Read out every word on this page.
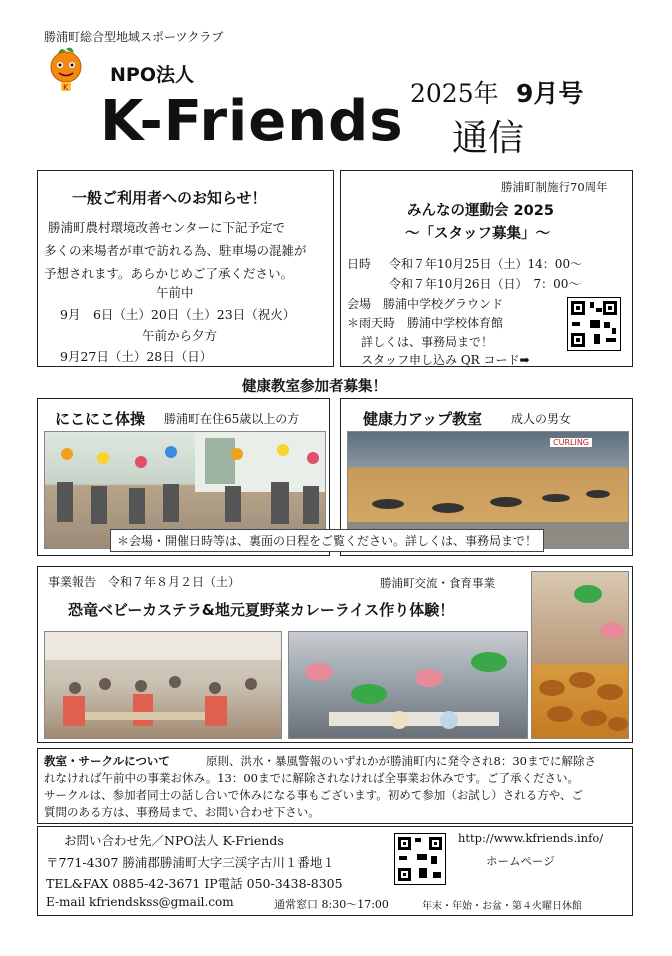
勝浦町総合型地域スポーツクラブ
K
NPO法人
K-Friends 通信
2025年 9月号
一般ご利用者へのお知らせ！
勝浦町農村環境改善センターに下記予定で
多くの来場者が車で訪れる為、駐車場の混雑が
予想されます。あらかじめご了承ください。
午前中
9月　6日（土）20日（土）23日（祝火）
午前から夕方
9月27日（土）28日（日）
勝浦町制施行70周年
みんなの運動会 2025
〜「スタッフ募集」〜
日時 令和７年10月25日（土）14：00〜
令和７年10月26日（日）　7：00〜
会場　勝浦中学校グラウンド
＊雨天時　勝浦中学校体育館
詳しくは、事務局まで！
スタッフ申し込み QR コード➡
健康教室参加者募集！
にこにこ体操 勝浦町在住65歳以上の方	健康力アップ教室 成人の男女
CURLING
＊会場・開催日時等は、裏面の日程をご覧ください。詳しくは、事務局まで！
事業報告　令和７年８月２日（土）	勝浦町交流・食育事業
恐竜ベビーカステラ&地元夏野菜カレーライス作り体験！
教室・サークルについて	原則、洪水・暴風警報のいずれかが勝浦町内に発令され8：30までに解除さ
れなければ午前中の事業お休み。13：00までに解除されなければ全事業お休みです。ご了承ください。
サークルは、参加者同士の話し合いで休みになる事もございます。初めて参加（お試し）される方や、ご
質問のある方は、事務局まで、お問い合わせ下さい。
お問い合わせ先／NPO法人 K-Friends
〒771-4307 勝浦郡勝浦町大字三渓字古川１番地１
TEL&FAX 0885-42-3671 IP電話 050-3438-8305
E-mail kfriendskss@gmail.com	通常窓口 8:30〜17:00	年末・年始・お盆・第４火曜日休館
http://www.kfriends.info/
ホームページ
